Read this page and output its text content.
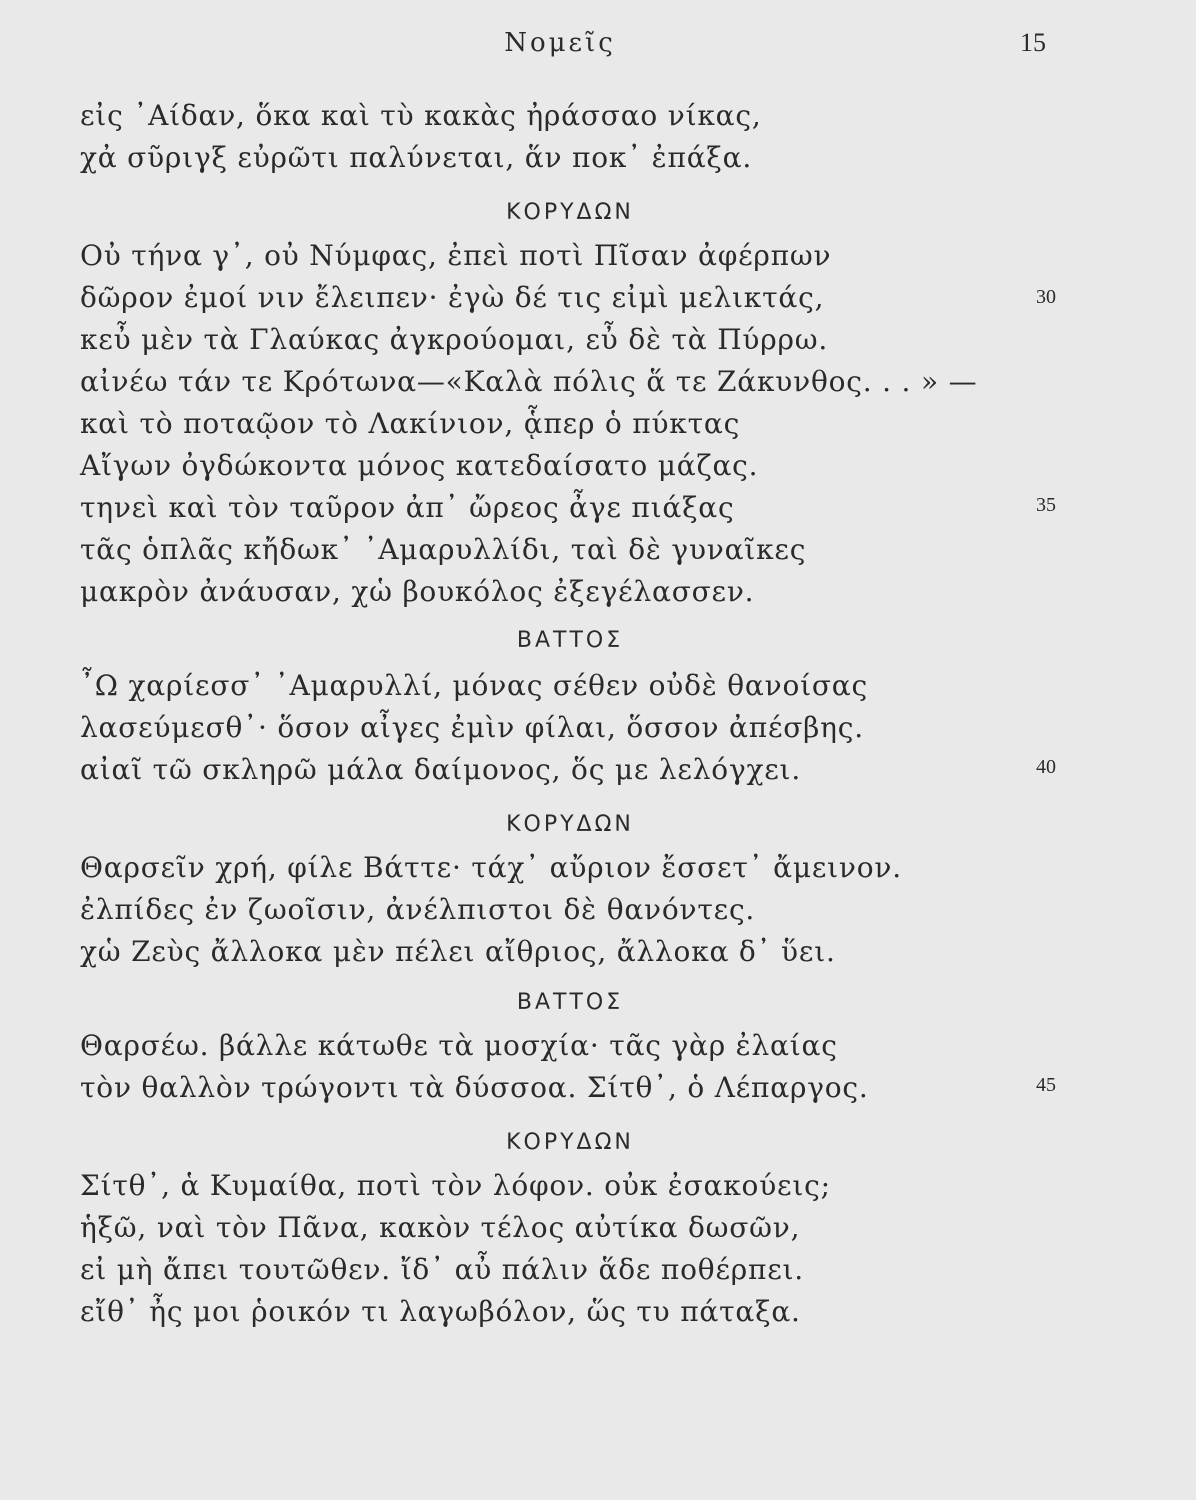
Νομεῖς	15
εἰς ᾿Αίδαν, ὅκα καὶ τὺ κακὰς ἠράσσαο νίκας,
χἀ σῦριγξ εὐρῶτι παλύνεται, ἅν ποκ᾿ ἐπάξα.
ΚΟΡΥΔΩΝ
Οὐ τήνα γ᾿, οὐ Νύμφας, ἐπεὶ ποτὶ Πῖσαν ἀφέρπων
δῶρον ἐμοί νιν ἔλειπεν· ἐγὼ δέ τις εἰμὶ μελικτάς,	30
κεὖ μὲν τὰ Γλαύκας ἀγκρούομαι, εὖ δὲ τὰ Πύρρω.
αἰνέω τάν τε Κρότωνα—«Καλὰ πόλις ἅ τε Ζάκυνθος. . . » —
καὶ τὸ ποταῷον τὸ Λακίνιον, ᾇπερ ὁ πύκτας
Αἴγων ὀγδώκοντα μόνος κατεδαίσατο μάζας.
τηνεὶ καὶ τὸν ταῦρον ἀπ᾿ ὤρεος ἆγε πιάξας	35
τᾶς ὁπλᾶς κἤδωκ᾿ ᾿Αμαρυλλίδι, ταὶ δὲ γυναῖκες
μακρὸν ἀνάυσαν, χὡ βουκόλος ἐξεγέλασσεν.
ΒΑΤΤΟΣ
῏Ω χαρίεσσ᾿ ᾿Αμαρυλλί, μόνας σέθεν οὐδὲ θανοίσας
λασεύμεσθ᾿· ὅσον αἶγες ἐμὶν φίλαι, ὅσσον ἀπέσβης.
αἰαῖ τῶ σκληρῶ μάλα δαίμονος, ὅς με λελόγχει.	40
ΚΟΡΥΔΩΝ
Θαρσεῖν χρή, φίλε Βάττε· τάχ᾿ αὔριον ἔσσετ᾿ ἄμεινον.
ἐλπίδες ἐν ζωοῖσιν, ἀνέλπιστοι δὲ θανόντες.
χὡ Ζεὺς ἄλλοκα μὲν πέλει αἴθριος, ἄλλοκα δ᾿ ὕει.
ΒΑΤΤΟΣ
Θαρσέω. βάλλε κάτωθε τὰ μοσχία· τᾶς γὰρ ἐλαίας
τὸν θαλλὸν τρώγοντι τὰ δύσσοα. Σίτθ᾿, ὁ Λέπαργος.	45
ΚΟΡΥΔΩΝ
Σίτθ᾿, ἁ Κυμαίθα, ποτὶ τὸν λόφον. οὐκ ἐσακούεις;
ἡξῶ, ναὶ τὸν Πᾶνα, κακὸν τέλος αὐτίκα δωσῶν,
εἰ μὴ ἄπει τουτῶθεν. ἴδ᾿ αὖ πάλιν ἅδε ποθέρπει.
εἴθ᾿ ἦς μοι ῥοικόν τι λαγωβόλον, ὥς τυ πάταξα.
